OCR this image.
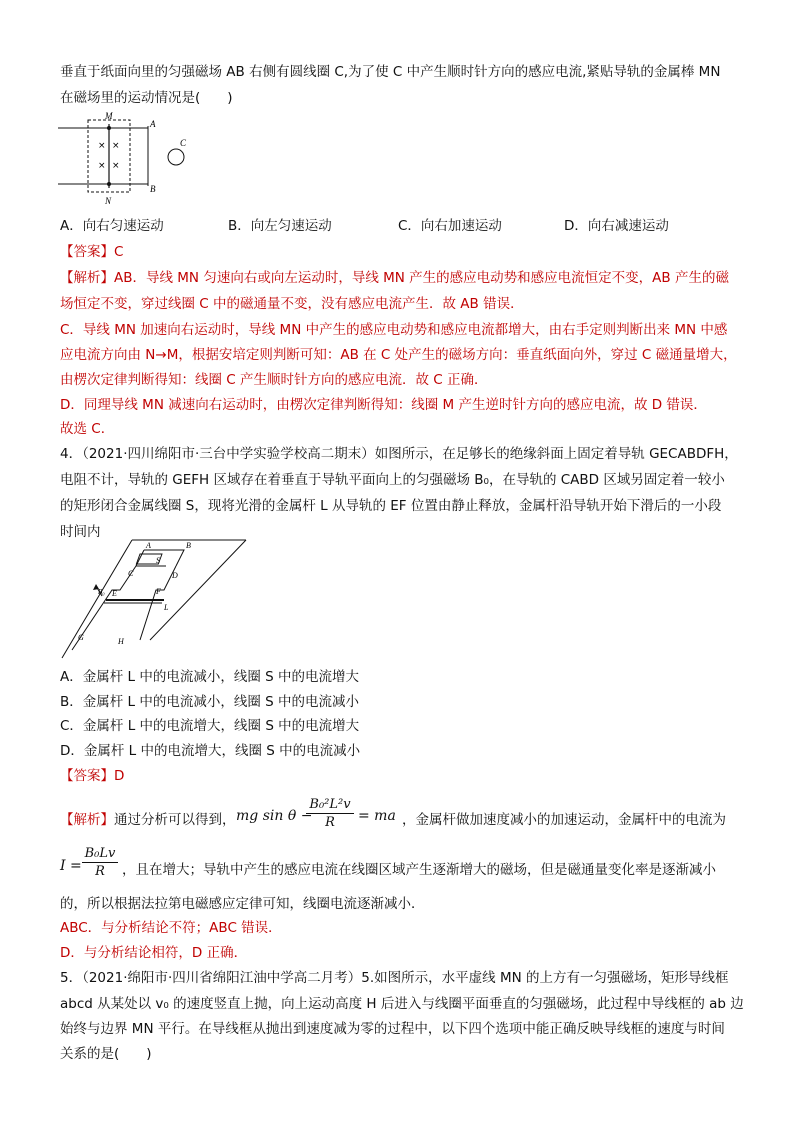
垂直于纸面向里的匀强磁场 AB 右侧有圆线圈 C,为了使 C 中产生顺时针方向的感应电流,紧贴导轨的金属棒 MN
在磁场里的运动情况是(　　)
× ×
× ×
M
N
A
B
C
A．向右匀速运动	B．向左匀速运动	C．向右加速运动	D．向右减速运动
【答案】C
【解析】AB．导线 MN 匀速向右或向左运动时，导线 MN 产生的感应电动势和感应电流恒定不变，AB 产生的磁
场恒定不变，穿过线圈 C 中的磁通量不变，没有感应电流产生．故 AB 错误．
C．导线 MN 加速向右运动时，导线 MN 中产生的感应电动势和感应电流都增大，由右手定则判断出来 MN 中感
应电流方向由 N→M，根据安培定则判断可知：AB 在 C 处产生的磁场方向：垂直纸面向外，穿过 C 磁通量增大，
由楞次定律判断得知：线圈 C 产生顺时针方向的感应电流．故 C 正确．
D．同理导线 MN 减速向右运动时，由楞次定律判断得知：线圈 M 产生逆时针方向的感应电流，故 D 错误．
故选 C．
4．（2021·四川绵阳市·三台中学实验学校高二期末）如图所示，在足够长的绝缘斜面上固定着导轨 GECABDFH，
电阻不计，导轨的 GEFH 区域存在着垂直于导轨平面向上的匀强磁场 B₀，在导轨的 CABD 区域另固定着一较小
的矩形闭合金属线圈 S，现将光滑的金属杆 L 从导轨的 EF 位置由静止释放，金属杆沿导轨开始下滑后的一小段
时间内
A	B
C	D
S
E	F
L
G	H
B₀
A．金属杆 L 中的电流减小，线圈 S 中的电流增大
B．金属杆 L 中的电流减小，线圈 S 中的电流减小
C．金属杆 L 中的电流增大，线圈 S 中的电流增大
D．金属杆 L 中的电流增大，线圈 S 中的电流减小
【答案】D
【解析】通过分析可以得到， mg sin θ −
B₀²L²v
R	= ma ，金属杆做加速度减小的加速运动，金属杆中的电流为
I =
B₀Lv
R	，且在增大；导轨中产生的感应电流在线圈区域产生逐渐增大的磁场，但是磁通量变化率是逐渐减小
的，所以根据法拉第电磁感应定律可知，线圈电流逐渐减小．
ABC．与分析结论不符；ABC 错误．
D．与分析结论相符，D 正确．
5．（2021·绵阳市·四川省绵阳江油中学高二月考）5.如图所示，水平虚线 MN 的上方有一匀强磁场，矩形导线框
abcd 从某处以 v₀ 的速度竖直上抛，向上运动高度 H 后进入与线圈平面垂直的匀强磁场，此过程中导线框的 ab 边
始终与边界 MN 平行。在导线框从抛出到速度减为零的过程中，以下四个选项中能正确反映导线框的速度与时间
关系的是(　　)
